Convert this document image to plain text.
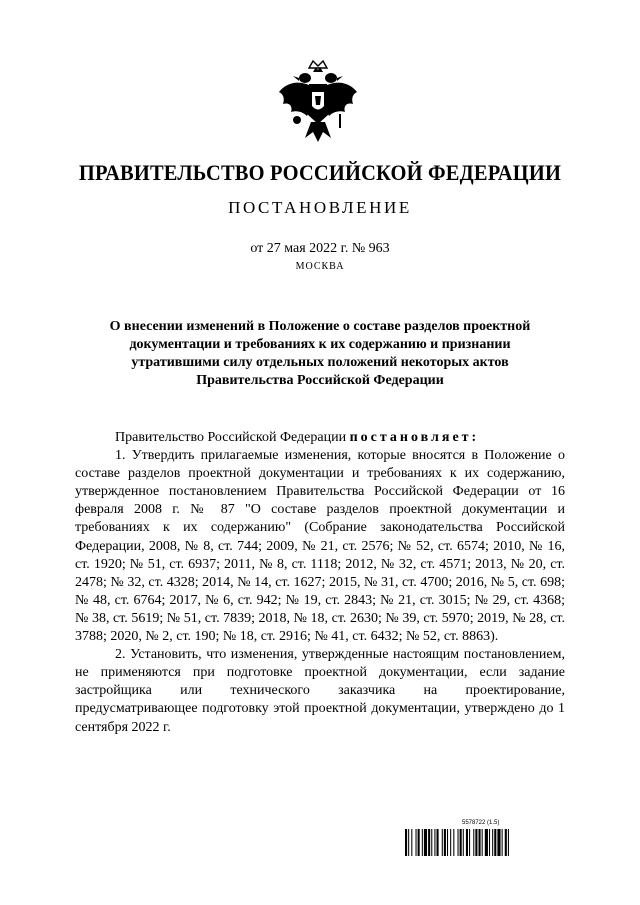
ПРАВИТЕЛЬСТВО РОССИЙСКОЙ ФЕДЕРАЦИИ
ПОСТАНОВЛЕНИЕ
от 27 мая 2022 г. № 963
МОСКВА
О внесении изменений в Положение о составе разделов проектной
документации и требованиях к их содержанию и признании
утратившими силу отдельных положений некоторых актов
Правительства Российской Федерации

Правительство Российской Федерации постановляет:

1. Утвердить прилагаемые изменения, которые вносятся в Положение о составе разделов проектной документации и требованиях к их содержанию, утвержденное постановлением Правительства Российской Федерации от 16 февраля 2008 г. № 87 "О составе разделов проектной документации и требованиях к их содержанию" (Собрание законодательства Российской Федерации, 2008, № 8, ст. 744; 2009, № 21, ст. 2576; № 52, ст. 6574; 2010, № 16, ст. 1920; № 51, ст. 6937; 2011, № 8, ст. 1118; 2012, № 32, ст. 4571; 2013, № 20, ст. 2478; № 32, ст. 4328; 2014, № 14, ст. 1627; 2015, № 31, ст. 4700; 2016, № 5, ст. 698; № 48, ст. 6764; 2017, № 6, ст. 942; № 19, ст. 2843; № 21, ст. 3015; № 29, ст. 4368; № 38, ст. 5619; № 51, ст. 7839; 2018, № 18, ст. 2630; № 39, ст. 5970; 2019, № 28, ст. 3788; 2020, № 2, ст. 190; № 18, ст. 2916; № 41, ст. 6432; № 52, ст. 8863).

2. Установить, что изменения, утвержденные настоящим постановлением, не применяются при подготовке проектной документации, если задание застройщика или технического заказчика на проектирование, предусматривающее подготовку этой проектной документации, утверждено до 1 сентября 2022 г.

5578722 (1.5)
